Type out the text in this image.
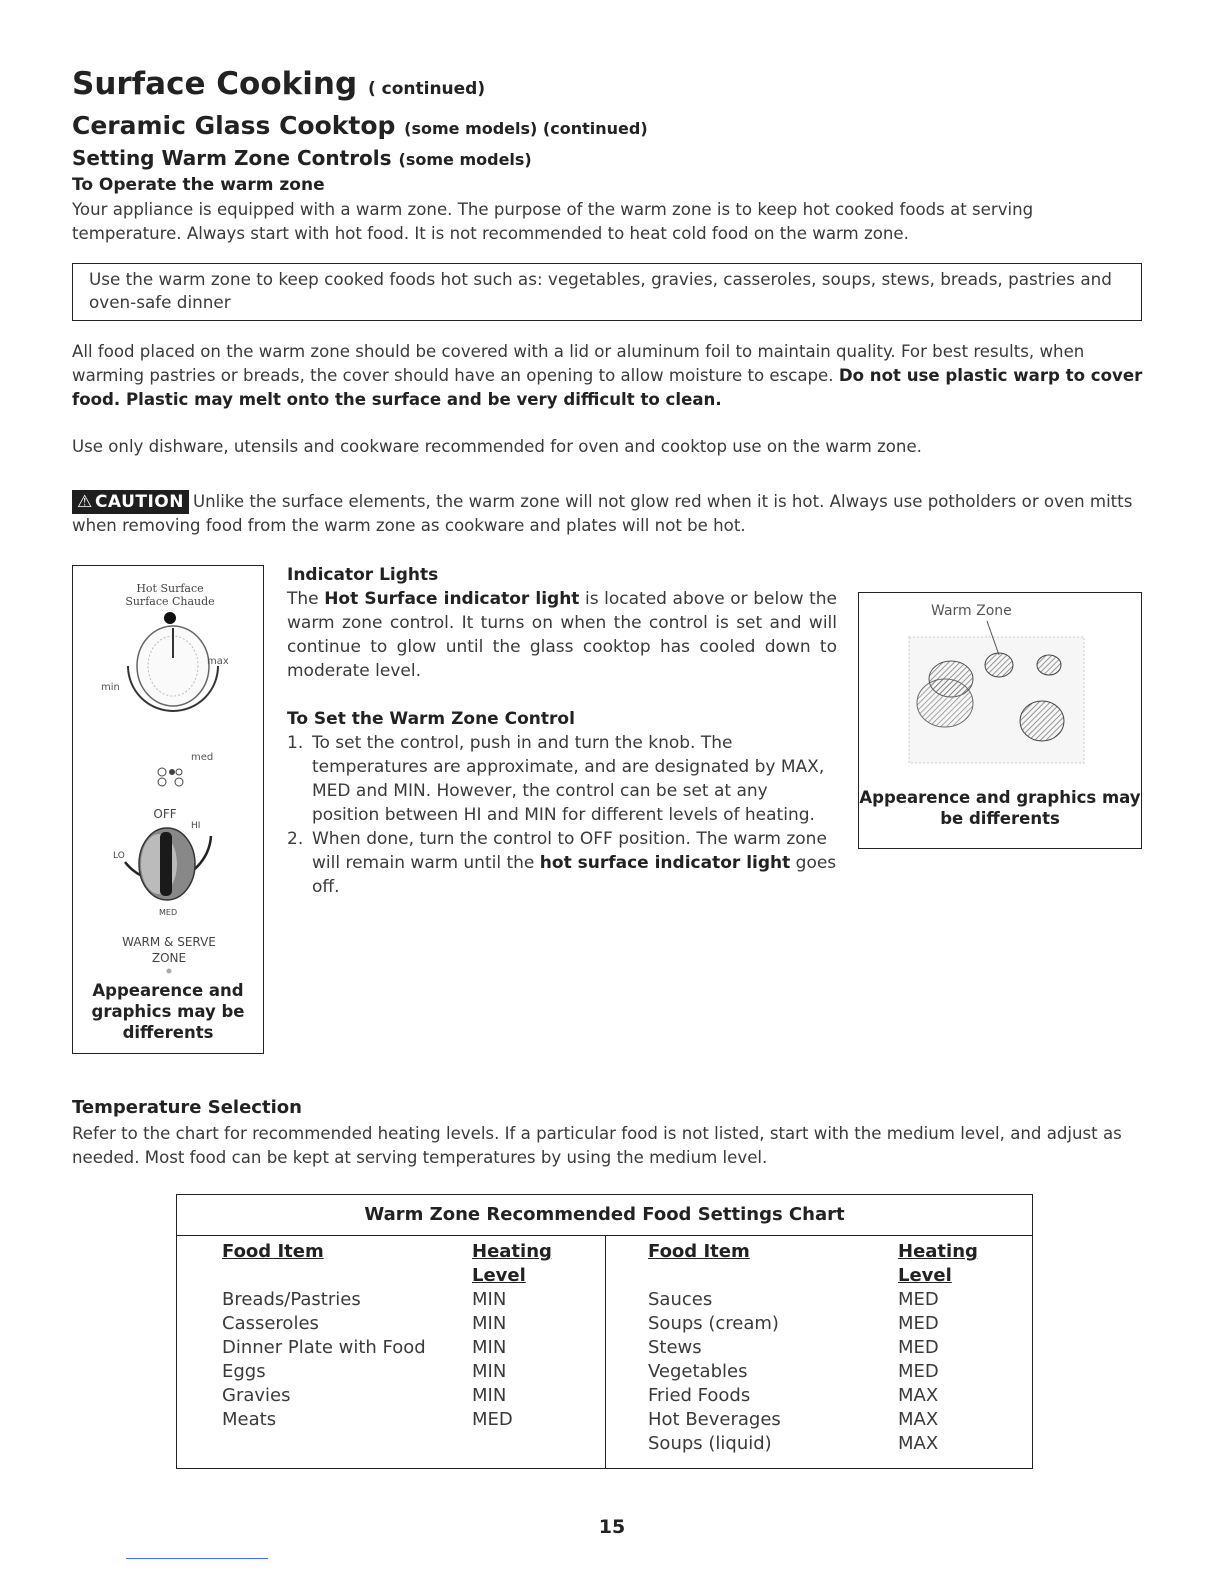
Surface Cooking ( continued)
Ceramic Glass Cooktop (some models) (continued)
Setting Warm Zone Controls (some models)
To Operate the warm zone
Your appliance is equipped with a warm zone. The purpose of the warm zone is to keep hot cooked foods at serving temperature. Always start with hot food. It is not recommended to heat cold food on the warm zone.
Use the warm zone to keep cooked foods hot such as: vegetables, gravies, casseroles, soups, stews, breads, pastries and oven-safe dinner
All food placed on the warm zone should be covered with a lid or aluminum foil to maintain quality. For best results, when warming pastries or breads, the cover should have an opening to allow moisture to escape. Do not use plastic warp to cover food. Plastic may melt onto the surface and be very difficult to clean.
Use only dishware, utensils and cookware recommended for oven and cooktop use on the warm zone.
⚠  CAUTION Unlike the surface elements, the warm zone will not glow red when it is hot. Always use potholders or oven mitts when removing food from the warm zone as cookware and plates will not be hot.
Hot Surface
Surface Chaude
max
min
med
OFF
HI
LO
MED
WARM & SERVE
ZONE
Appearence and graphics may be differents
Indicator Lights
The Hot Surface indicator light is located above or below the warm zone control. It turns on when the control is set and will continue to glow until the glass cooktop has cooled down to moderate level.
To Set the Warm Zone Control
1. To set the control, push in and turn the knob. The temperatures are approximate, and are designated by MAX, MED and MIN. However, the control can be set at any position between HI and MIN for different levels of heating.
2. When done, turn the control to OFF position. The warm zone will remain warm until the hot surface indicator light goes off.
Warm Zone
Appearence and graphics may be differents
Temperature Selection
Refer to the chart for recommended heating levels. If a particular food is not listed, start with the medium level, and adjust as needed. Most food can be kept at serving temperatures by using the medium level.
Warm Zone Recommended Food Settings Chart
Food Item

Breads/Pastries
Casseroles
Dinner Plate with Food
Eggs
Gravies
Meats
Heating
Level
MIN
MIN
MIN
MIN
MIN
MED
Food Item

Sauces
Soups (cream)
Stews
Vegetables
Fried Foods
Hot Beverages
Soups (liquid)
Heating
Level
MED
MED
MED
MED
MAX
MAX
MAX
15
